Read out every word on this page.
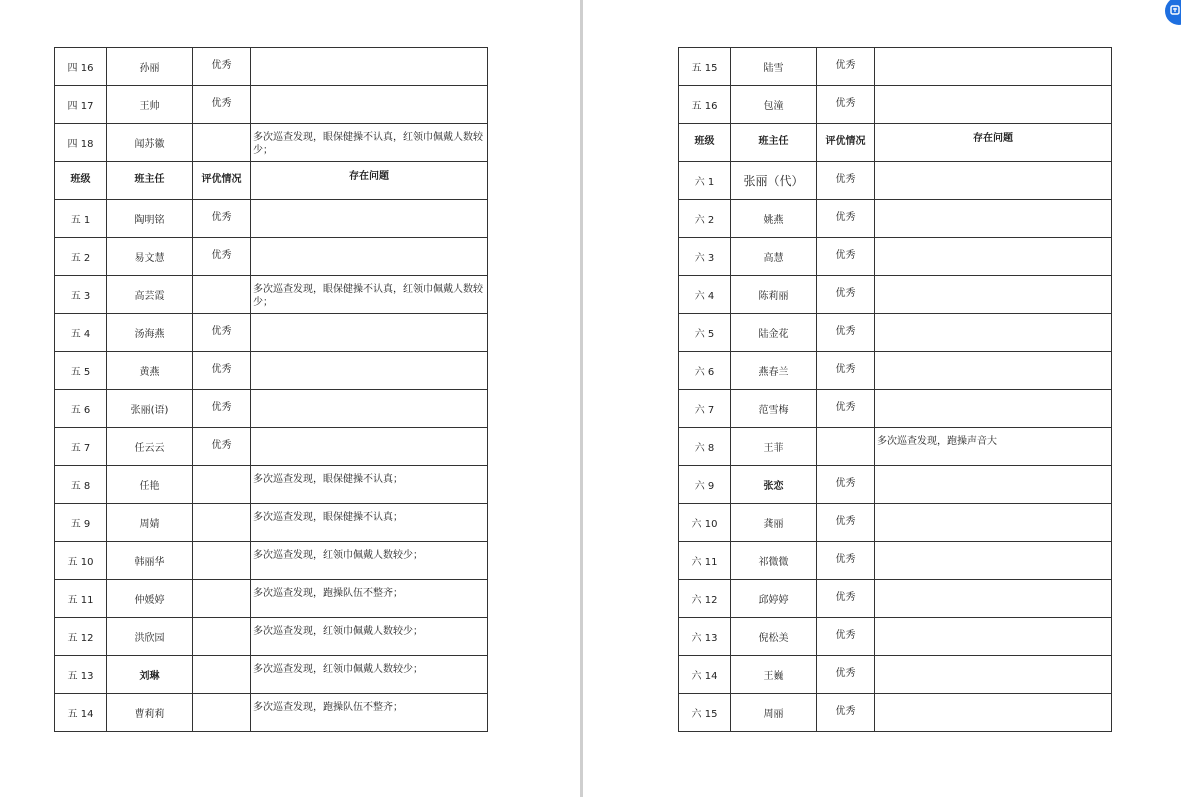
四 16	孙丽	优秀	
四 17	王帅	优秀	
四 18	闻苏徽		多次巡查发现，眼保健操不认真，红领巾佩戴人数较少；
班级	班主任	评优情况	存在问题
五 1	陶明铭	优秀	
五 2	易文慧	优秀	
五 3	高芸霞		多次巡查发现，眼保健操不认真，红领巾佩戴人数较少；
五 4	汤海燕	优秀	
五 5	黄燕	优秀	
五 6	张丽(语)	优秀	
五 7	任云云	优秀	
五 8	任艳		多次巡查发现，眼保健操不认真；
五 9	周婧		多次巡查发现，眼保健操不认真；
五 10	韩丽华		多次巡查发现，红领巾佩戴人数较少；
五 11	仲媛婷		多次巡查发现，跑操队伍不整齐；
五 12	洪欣园		多次巡查发现，红领巾佩戴人数较少；
五 13	刘琳		多次巡查发现，红领巾佩戴人数较少；
五 14	曹莉莉		多次巡查发现，跑操队伍不整齐；
五 15	陆雪	优秀	
五 16	包潼	优秀	
班级	班主任	评优情况	存在问题
六 1	张丽（代）	优秀	
六 2	姚燕	优秀	
六 3	高慧	优秀	
六 4	陈莉丽	优秀	
六 5	陆金花	优秀	
六 6	燕春兰	优秀	
六 7	范雪梅	优秀	
六 8	王菲		多次巡查发现，跑操声音大
六 9	张恋	优秀	
六 10	龚丽	优秀	
六 11	祁微微	优秀	
六 12	邱婷婷	优秀	
六 13	倪松美	优秀	
六 14	王巍	优秀	
六 15	周丽	优秀	
